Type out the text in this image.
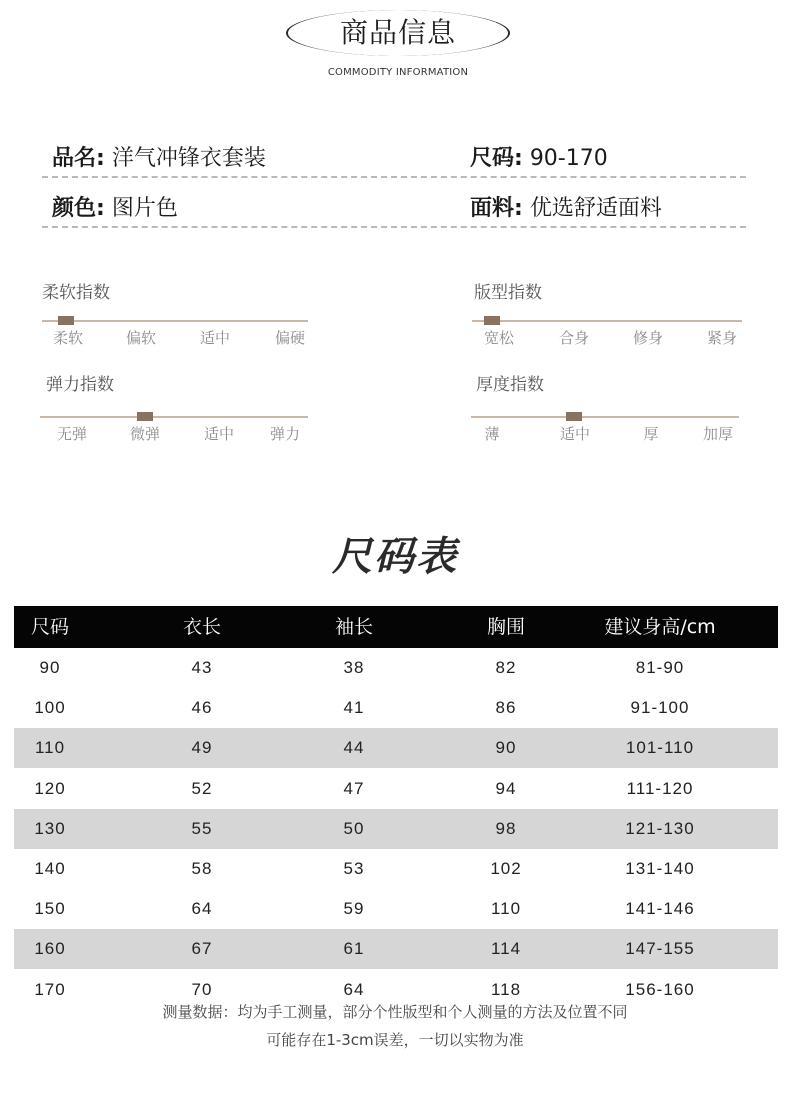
商品信息
COMMODITY INFORMATION
品名: 洋气冲锋衣套装	尺码: 90-170
颜色: 图片色	面料: 优选舒适面料
柔软指数
柔软	偏软	适中	偏硬
版型指数
宽松	合身	修身	紧身
弹力指数
无弹	微弹	适中 弹力
厚度指数
薄	适中	厚	加厚
尺码表
尺码	衣长	袖长	胸围	建议身高/cm
90	43	38	82	81-90
100	46	41	86	91-100
110	49	44	90	101-110
120	52	47	94	111-120
130	55	50	98	121-130
140	58	53	102	131-140
150	64	59	110	141-146
160	67	61	114	147-155
170	70	64	118	156-160
测量数据：均为手工测量，部分个性版型和个人测量的方法及位置不同
可能存在1-3cm误差，一切以实物为准
